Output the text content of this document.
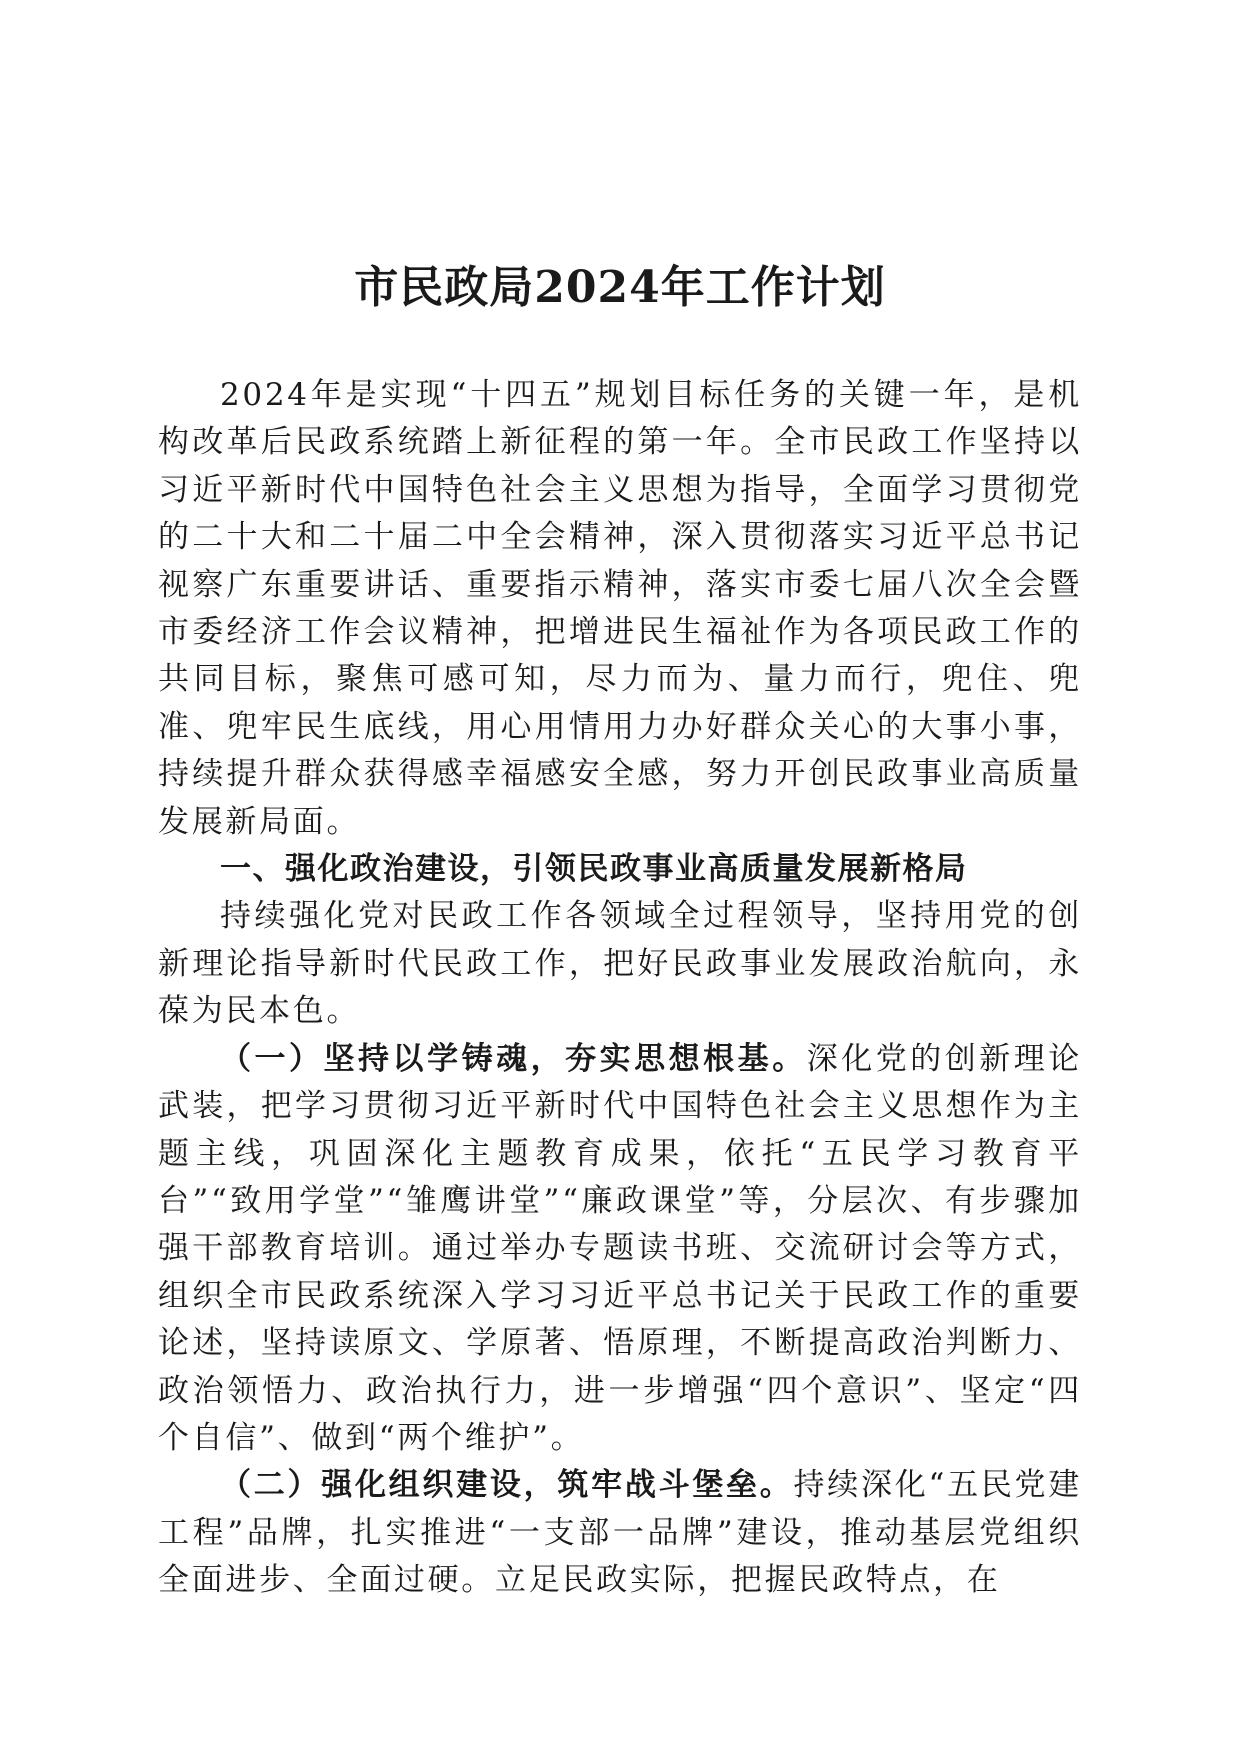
市民政局2024年工作计划

2024年是实现“十四五”规划目标任务的关键一年，是机构改革后民政系统踏上新征程的第一年。全市民政工作坚持以习近平新时代中国特色社会主义思想为指导，全面学习贯彻党的二十大和二十届二中全会精神，深入贯彻落实习近平总书记视察广东重要讲话、重要指示精神，落实市委七届八次全会暨市委经济工作会议精神，把增进民生福祉作为各项民政工作的共同目标，聚焦可感可知，尽力而为、量力而行，兜住、兜准、兜牢民生底线，用心用情用力办好群众关心的大事小事，持续提升群众获得感幸福感安全感，努力开创民政事业高质量发展新局面。

一、强化政治建设，引领民政事业高质量发展新格局

持续强化党对民政工作各领域全过程领导，坚持用党的创新理论指导新时代民政工作，把好民政事业发展政治航向，永葆为民本色。

（一）坚持以学铸魂，夯实思想根基。深化党的创新理论武装，把学习贯彻习近平新时代中国特色社会主义思想作为主题主线，巩固深化主题教育成果，依托“五民学习教育平台”“致用学堂”“雏鹰讲堂”“廉政课堂”等，分层次、有步骤加强干部教育培训。通过举办专题读书班、交流研讨会等方式，组织全市民政系统深入学习习近平总书记关于民政工作的重要论述，坚持读原文、学原著、悟原理，不断提高政治判断力、政治领悟力、政治执行力，进一步增强“四个意识”、坚定“四个自信”、做到“两个维护”。

（二）强化组织建设，筑牢战斗堡垒。持续深化“五民党建工程”品牌，扎实推进“一支部一品牌”建设，推动基层党组织全面进步、全面过硬。立足民政实际，把握民政特点，在
